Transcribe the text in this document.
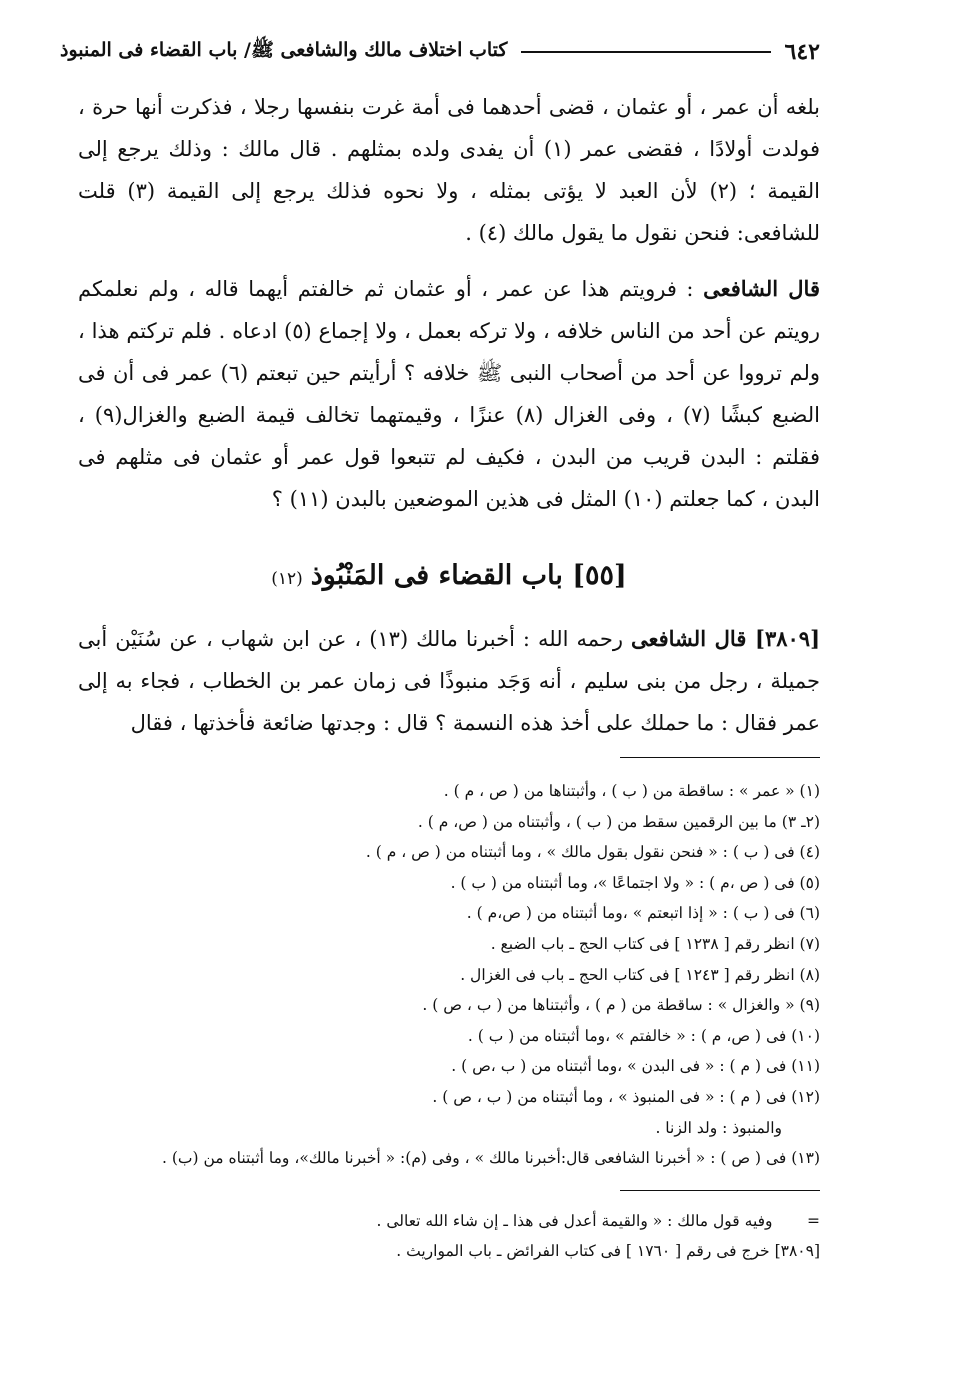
٦٤٢
كتاب اختلاف مالك والشافعى ﷺ/ باب القضاء فى المنبوذ

بلغه أن عمر ، أو عثمان ، قضى أحدهما فى أمة غرت بنفسها رجلا ، فذكرت أنها حرة ، فولدت أولادًا ، فقضى عمر (١) أن يفدى ولده بمثلهم . قال مالك : وذلك يرجع إلى القيمة ؛ (٢) لأن العبد لا يؤتى بمثله ، ولا نحوه فذلك يرجع إلى القيمة (٣) قلت للشافعى: فنحن نقول ما يقول مالك (٤) .

قال الشافعى : فرويتم هذا عن عمر ، أو عثمان ثم خالفتم أيهما قاله ، ولم نعلمكم رويتم عن أحد من الناس خلافه ، ولا تركه بعمل ، ولا إجماع (٥) ادعاه . فلم تركتم هذا ، ولم ترووا عن أحد من أصحاب النبى ﷺ خلافه ؟ أرأيتم حين تبعتم (٦) عمر فى أن فى الضبع كبشًا (٧) ، وفى الغزال (٨) عنزًا ، وقيمتهما تخالف قيمة الضبع والغزال(٩) ، فقلتم : البدن قريب من البدن ، فكيف لم تتبعوا قول عمر أو عثمان فى مثلهم فى البدن ، كما جعلتم (١٠) المثل فى هذين الموضعين بالبدن (١١) ؟

[٥٥] باب القضاء فى المَنْبُوذ(١٢)

[٣٨٠٩] قال الشافعى رحمه الله : أخبرنا مالك (١٣) ، عن ابن شهاب ، عن سُنَيْن أبى جميلة ، رجل من بنى سليم ، أنه وَجَد منبوذًا فى زمان عمر بن الخطاب ، فجاء به إلى عمر فقال : ما حملك على أخذ هذه النسمة ؟ قال : وجدتها ضائعة فأخذتها ، فقال

(١) « عمر » : ساقطة من ( ب ) ، وأثبتناها من ( ص ، م ) .
(٢ـ ٣) ما بين الرقمين سقط من ( ب ) ، وأثبتناه من ( ص، م ) .
(٤) فى ( ب ) : « فنحن نقول بقول مالك » ، وما أثبتناه من ( ص ، م ) .
(٥) فى ( ص ،م ) : « ولا اجتماعًا »، وما أثبتناه من ( ب ) .
(٦) فى ( ب ) : « إذا اتبعتم » ،وما أثبتناه من ( ص،م ) .
(٧) انظر رقم [ ١٢٣٨ ] فى كتاب الحج ـ باب الضبع .
(٨) انظر رقم [ ١٢٤٣ ] فى كتاب الحج ـ باب فى الغزال .
(٩) « والغزال » : ساقطة من ( م ) ، وأثبتناها من ( ب ، ص ) .
(١٠) فى ( ص، م ) : « خالفتم » ،وما أثبتناه من ( ب ) .
(١١) فى ( م ) : « فى البدن » ،وما أثبتناه من ( ب ،ص ) .
(١٢) فى ( م ) : « فى المنبوذ » ، وما أثبتناه من ( ب ، ص ) .
والمنبوذ : ولد الزنا .
(١٣) فى ( ص ) : « أخبرنا الشافعى قال:أخبرنا مالك » ، وفى (م): « أخبرنا مالك»، وما أثبتناه من (ب) .
=       وفيه قول مالك : « والقيمة أعدل فى هذا ـ إن شاء الله تعالى .
[٣٨٠٩] خرج فى رقم [ ١٧٦٠ ] فى كتاب الفرائض ـ باب المواريث .
